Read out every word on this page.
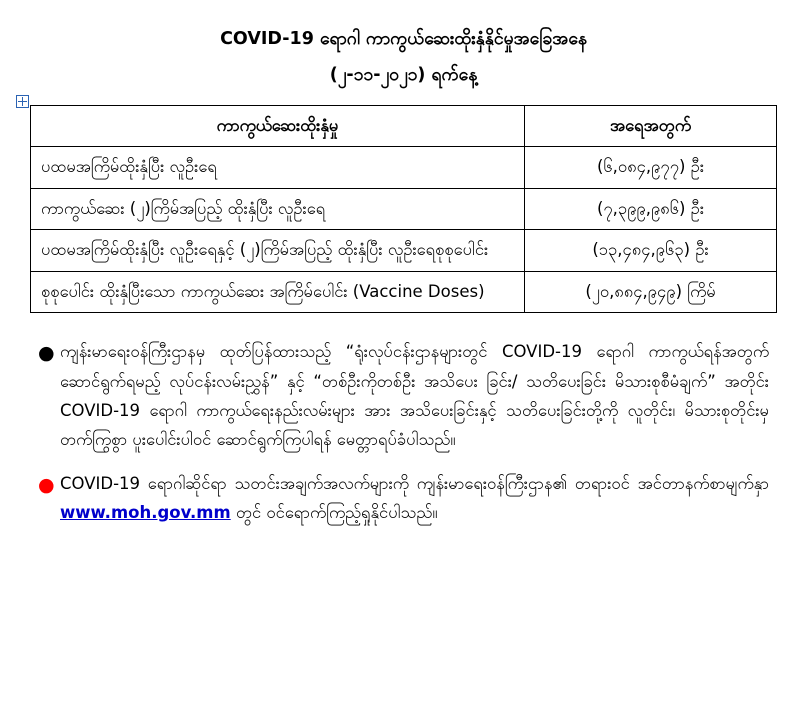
COVID-19 ရောဂါ ကာကွယ်ဆေးထိုးနှံနိုင်မှုအခြေအနေ
(၂-၁၁-၂၀၂၁) ရက်နေ့
ကာကွယ်ဆေးထိုးနှံမှု	အရေအတွက်
ပထမအကြိမ်ထိုးနှံပြီး လူဦးရေ	(၆,၀၈၄,၉၇၇) ဦး
ကာကွယ်ဆေး (၂)ကြိမ်အပြည့် ထိုးနှံပြီး လူဦးရေ	(၇,၃၉၉,၉၈၆) ဦး
ပထမအကြိမ်ထိုးနှံပြီး လူဦးရေနှင့် (၂)ကြိမ်အပြည့် ထိုးနှံပြီး လူဦးရေစုစုပေါင်း	(၁၃,၄၈၄,၉၆၃) ဦး
စုစုပေါင်း ထိုးနှံပြီးသော ကာကွယ်ဆေး အကြိမ်ပေါင်း (Vaccine Doses)	(၂၀,၈၈၄,၉၄၉) ကြိမ်
● ကျန်းမာရေးဝန်ကြီးဌာနမှ ထုတ်ပြန်ထားသည့် “ရုံးလုပ်ငန်းဌာနများတွင် COVID-19 ရောဂါ ကာကွယ်ရန်အတွက် ဆောင်ရွက်ရမည့် လုပ်ငန်းလမ်းညွှန်” နှင့် “တစ်ဦးကိုတစ်ဦး အသိပေး ခြင်း/ သတိပေးခြင်း မိသားစုစီမံချက်” အတိုင်း COVID-19 ရောဂါ ကာကွယ်ရေးနည်းလမ်းများ အား အသိပေးခြင်းနှင့် သတိပေးခြင်းတို့ကို လူတိုင်း၊ မိသားစုတိုင်းမှ တက်ကြွစွာ ပူးပေါင်းပါဝင် ဆောင်ရွက်ကြပါရန် မေတ္တာရပ်ခံပါသည်။
● COVID-19 ရောဂါဆိုင်ရာ သတင်းအချက်အလက်များကို ကျန်းမာရေးဝန်ကြီးဌာန၏ တရားဝင် အင်တာနက်စာမျက်နှာ www.moh.gov.mm တွင် ဝင်ရောက်ကြည့်ရှုနိုင်ပါသည်။
